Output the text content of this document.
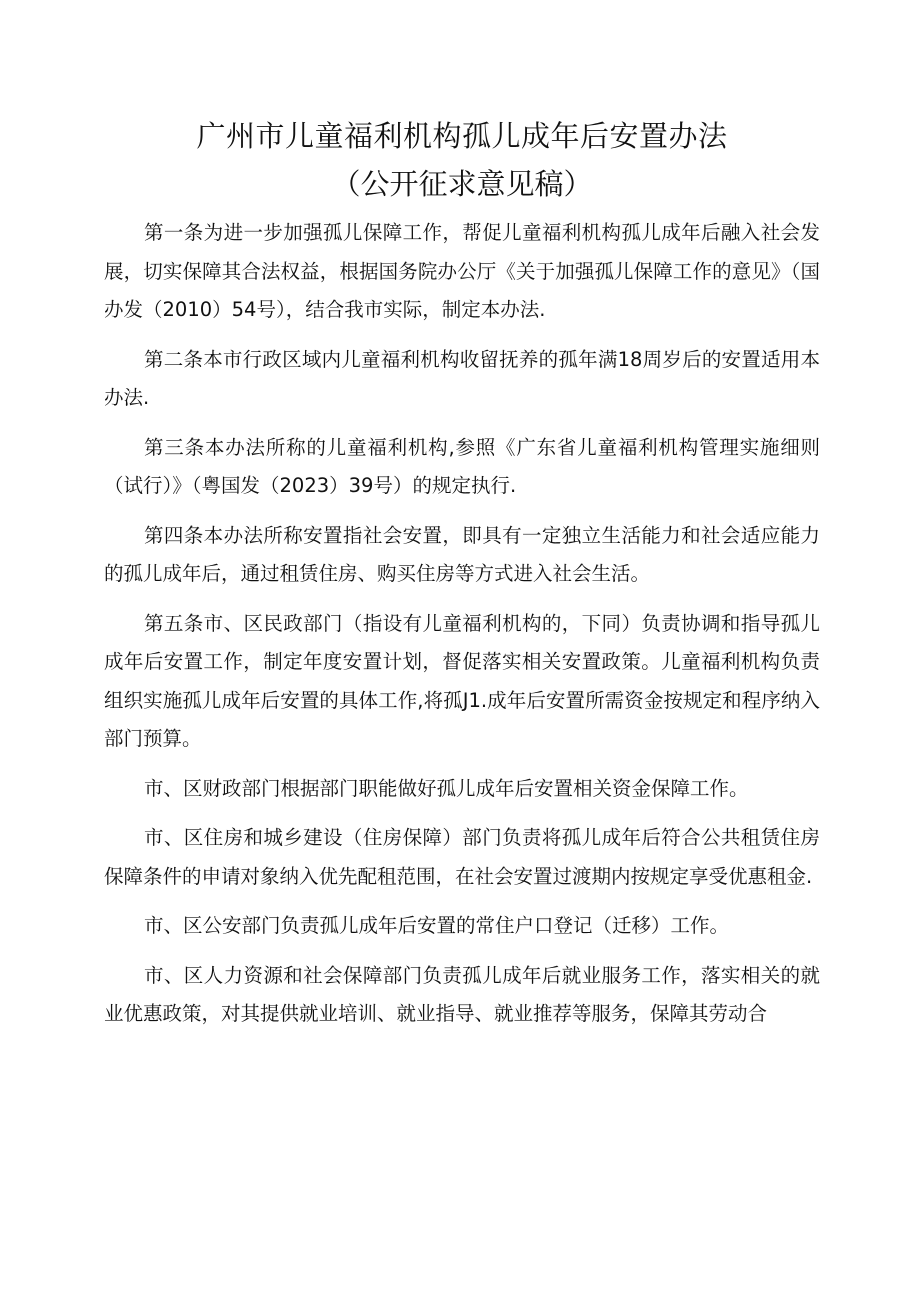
广州市儿童福利机构孤儿成年后安置办法
（公开征求意见稿）

第一条为进一步加强孤儿保障工作，帮促儿童福利机构孤儿成年后融入社会发展，切实保障其合法权益，根据国务院办公厅《关于加强孤儿保障工作的意见》（国办发（2010）54号），结合我市实际，制定本办法.

第二条本市行政区域内儿童福利机构收留抚养的孤年满18周岁后的安置适用本办法.

第三条本办法所称的儿童福利机构,参照《广东省儿童福利机构管理实施细则（试行）》（粤国发（2023）39号）的规定执行.

第四条本办法所称安置指社会安置，即具有一定独立生活能力和社会适应能力的孤儿成年后，通过租赁住房、购买住房等方式进入社会生活。

第五条市、区民政部门（指设有儿童福利机构的，下同）负责协调和指导孤儿成年后安置工作，制定年度安置计划，督促落实相关安置政策。儿童福利机构负责组织实施孤儿成年后安置的具体工作,将孤J1.成年后安置所需资金按规定和程序纳入部门预算。

市、区财政部门根据部门职能做好孤儿成年后安置相关资金保障工作。

市、区住房和城乡建设（住房保障）部门负责将孤儿成年后符合公共租赁住房保障条件的申请对象纳入优先配租范围，在社会安置过渡期内按规定享受优惠租金.

市、区公安部门负责孤儿成年后安置的常住户口登记（迁移）工作。

市、区人力资源和社会保障部门负责孤儿成年后就业服务工作，落实相关的就业优惠政策，对其提供就业培训、就业指导、就业推荐等服务，保障其劳动合
